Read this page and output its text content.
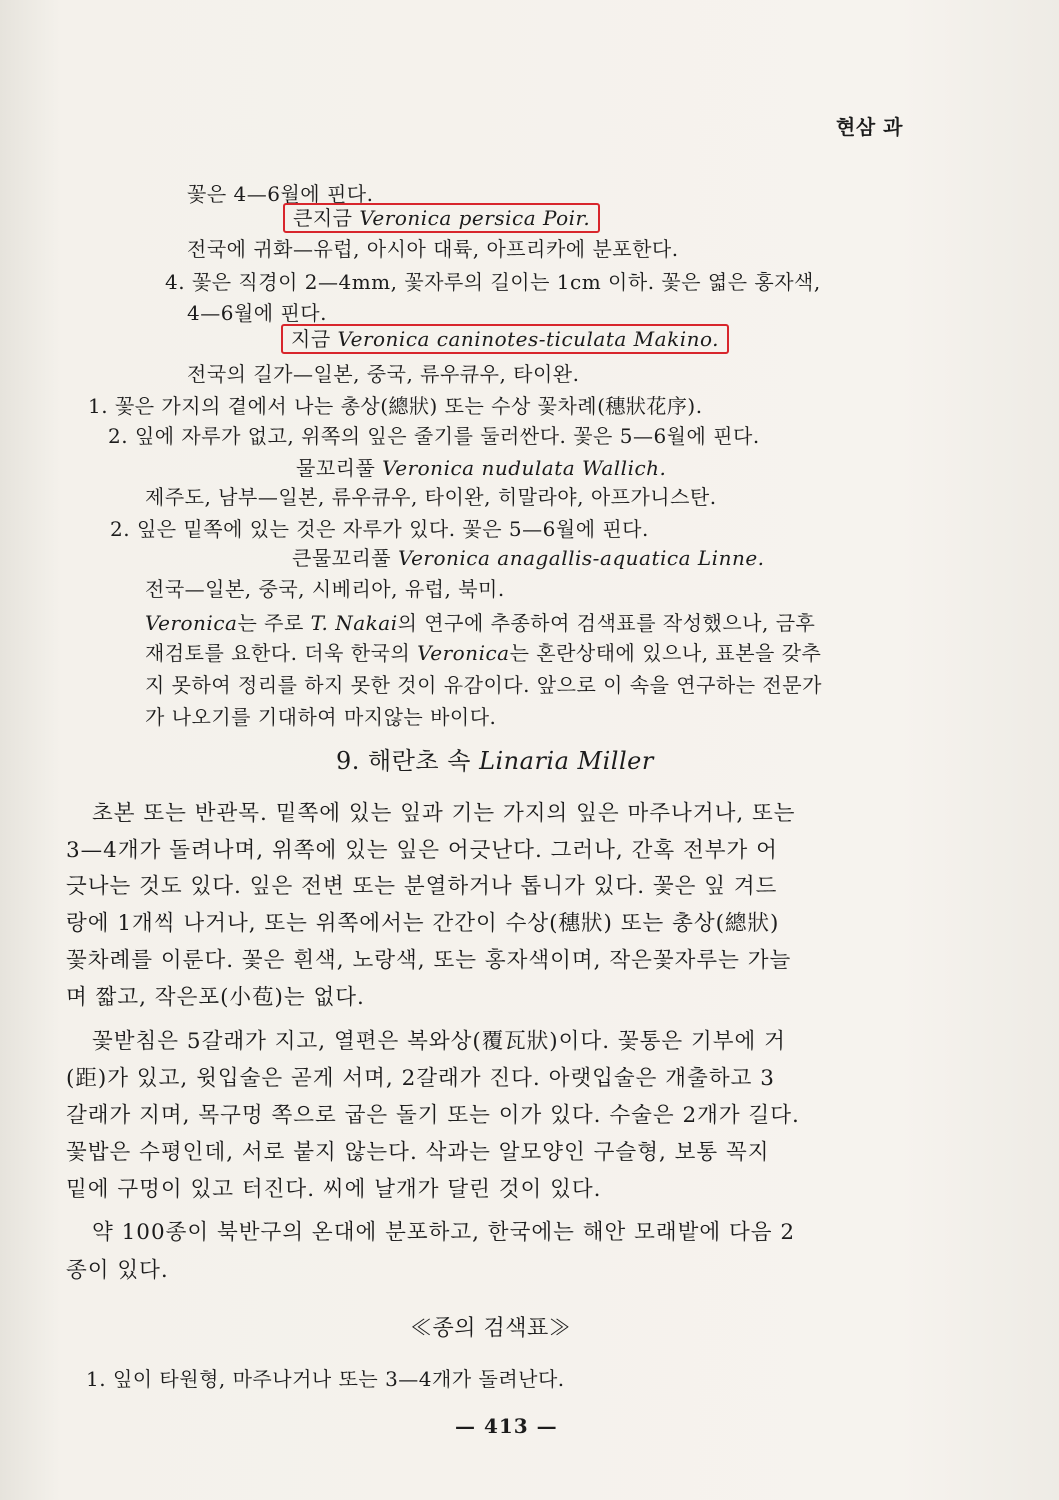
현삼 과
꽃은 4—6월에 핀다.
큰지금 Veronica persica Poir.
전국에 귀화—유럽, 아시아 대륙, 아프리카에 분포한다.
4. 꽃은 직경이 2—4mm, 꽃자루의 길이는 1cm 이하. 꽃은 엷은 홍자색,
4—6월에 핀다.
지금 Veronica caninotes-ticulata Makino.
전국의 길가—일본, 중국, 류우큐우, 타이완.
1. 꽃은 가지의 곁에서 나는 총상(總狀) 또는 수상 꽃차례(穗狀花序).
2. 잎에 자루가 없고, 위쪽의 잎은 줄기를 둘러싼다. 꽃은 5—6월에 핀다.
물꼬리풀 Veronica nudulata Wallich.
제주도, 남부—일본, 류우큐우, 타이완, 히말라야, 아프가니스탄.
2. 잎은 밑쪽에 있는 것은 자루가 있다. 꽃은 5—6월에 핀다.
큰물꼬리풀 Veronica anagallis-aquatica Linne.
전국—일본, 중국, 시베리아, 유럽, 북미.
Veronica는 주로 T. Nakai의 연구에 추종하여 검색표를 작성했으나, 금후
재검토를 요한다. 더욱 한국의 Veronica는 혼란상태에 있으나, 표본을 갖추
지 못하여 정리를 하지 못한 것이 유감이다. 앞으로 이 속을 연구하는 전문가
가 나오기를 기대하여 마지않는 바이다.
9. 해란초 속 Linaria Miller
초본 또는 반관목. 밑쪽에 있는 잎과 기는 가지의 잎은 마주나거나, 또는
3—4개가 돌려나며, 위쪽에 있는 잎은 어긋난다. 그러나, 간혹 전부가 어
긋나는 것도 있다. 잎은 전변 또는 분열하거나 톱니가 있다. 꽃은 잎 겨드
랑에 1개씩 나거나, 또는 위쪽에서는 간간이 수상(穗狀) 또는 총상(總狀)
꽃차례를 이룬다. 꽃은 흰색, 노랑색, 또는 홍자색이며, 작은꽃자루는 가늘
며 짧고, 작은포(小苞)는 없다.
꽃받침은 5갈래가 지고, 열편은 복와상(覆瓦狀)이다. 꽃통은 기부에 거
(距)가 있고, 윗입술은 곧게 서며, 2갈래가 진다. 아랫입술은 개출하고 3
갈래가 지며, 목구멍 쪽으로 굽은 돌기 또는 이가 있다. 수술은 2개가 길다.
꽃밥은 수평인데, 서로 붙지 않는다. 삭과는 알모양인 구슬형, 보통 꼭지
밑에 구멍이 있고 터진다. 씨에 날개가 달린 것이 있다.
약 100종이 북반구의 온대에 분포하고, 한국에는 해안 모래밭에 다음 2
종이 있다.
≪종의 검색표≫
1. 잎이 타원형, 마주나거나 또는 3—4개가 돌려난다.
— 413 —
